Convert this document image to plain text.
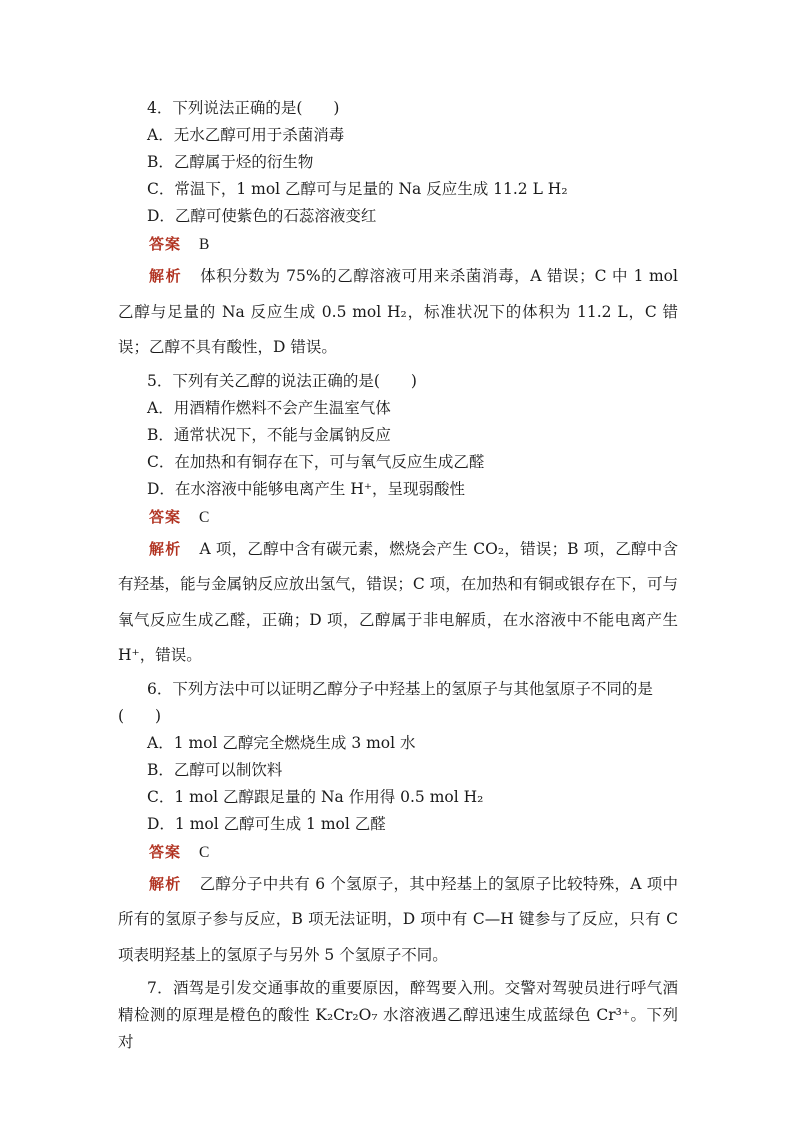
4．下列说法正确的是(　　)
A．无水乙醇可用于杀菌消毒
B．乙醇属于烃的衍生物
C．常温下，1 mol 乙醇可与足量的 Na 反应生成 11.2 L H₂
D．乙醇可使紫色的石蕊溶液变红
答案 B
解析 体积分数为 75%的乙醇溶液可用来杀菌消毒，A 错误；C 中 1 mol 乙醇与足量的 Na 反应生成 0.5 mol H₂，标准状况下的体积为 11.2 L，C 错误；乙醇不具有酸性，D 错误。
5．下列有关乙醇的说法正确的是(　　)
A．用酒精作燃料不会产生温室气体
B．通常状况下，不能与金属钠反应
C．在加热和有铜存在下，可与氧气反应生成乙醛
D．在水溶液中能够电离产生 H⁺，呈现弱酸性
答案 C
解析 A 项，乙醇中含有碳元素，燃烧会产生 CO₂，错误；B 项，乙醇中含有羟基，能与金属钠反应放出氢气，错误；C 项，在加热和有铜或银存在下，可与氧气反应生成乙醛，正确；D 项，乙醇属于非电解质，在水溶液中不能电离产生 H⁺，错误。
6．下列方法中可以证明乙醇分子中羟基上的氢原子与其他氢原子不同的是
(　　)
A．1 mol 乙醇完全燃烧生成 3 mol 水
B．乙醇可以制饮料
C．1 mol 乙醇跟足量的 Na 作用得 0.5 mol H₂
D．1 mol 乙醇可生成 1 mol 乙醛
答案 C
解析 乙醇分子中共有 6 个氢原子，其中羟基上的氢原子比较特殊，A 项中所有的氢原子参与反应，B 项无法证明，D 项中有 C—H 键参与了反应，只有 C 项表明羟基上的氢原子与另外 5 个氢原子不同。
7．酒驾是引发交通事故的重要原因，醉驾要入刑。交警对驾驶员进行呼气酒精检测的原理是橙色的酸性 K₂Cr₂O₇ 水溶液遇乙醇迅速生成蓝绿色 Cr³⁺。下列对
